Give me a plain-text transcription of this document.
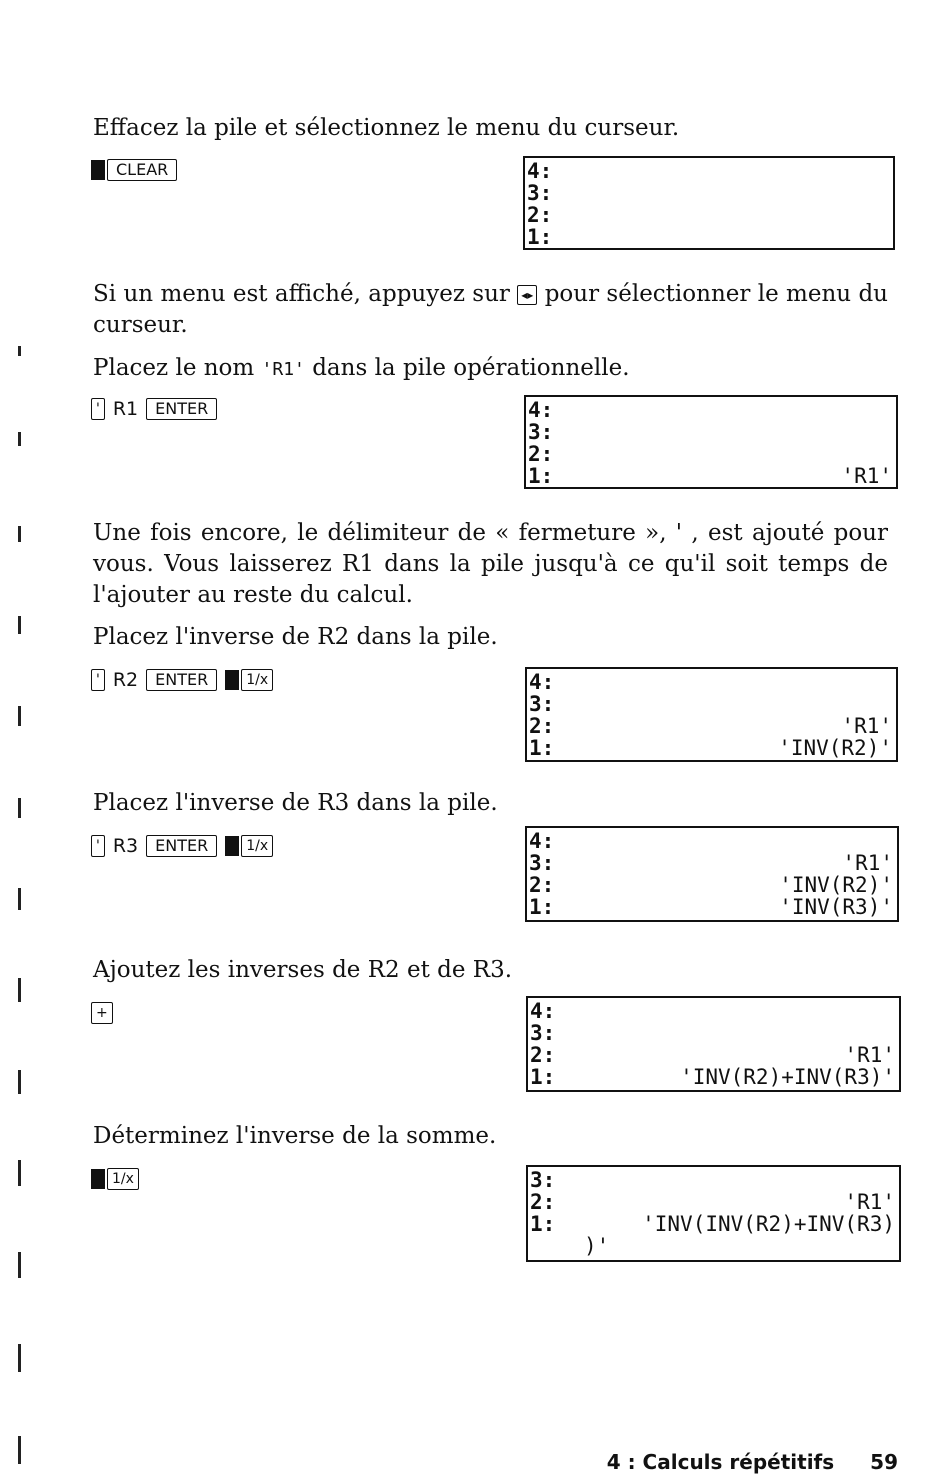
Effacez la pile et sélectionnez le menu du curseur.
CLEAR	4:
3:
2:
1:
Si un menu est affiché, appuyez sur ◂▸ pour sélectionner le menu du curseur.
Placez le nom 'R1' dans la pile opérationnelle.
' R1	ENTER	4:
3:
2:
1:	'R1'
Une fois encore, le délimiteur de « fermeture », ' , est ajouté pour vous. Vous laisserez R1 dans la pile jusqu'à ce qu'il soit temps de l'ajouter au reste du calcul.
Placez l'inverse de R2 dans la pile.
' R2	ENTER	1/x	4:
3:
2:	'R1'
1:	'INV(R2)'
Placez l'inverse de R3 dans la pile.
' R3	ENTER	1/x	4:
3:	'R1'
2:	'INV(R2)'
1:	'INV(R3)'
Ajoutez les inverses de R2 et de R3.
+	4:
3:
2:	'R1'
1:	'INV(R2)+INV(R3)'
Déterminez l'inverse de la somme.
1/x	3:
2:	'R1'
1:	'INV(INV(R2)+INV(R3)
)'
4 : Calculs répétitifs 59
